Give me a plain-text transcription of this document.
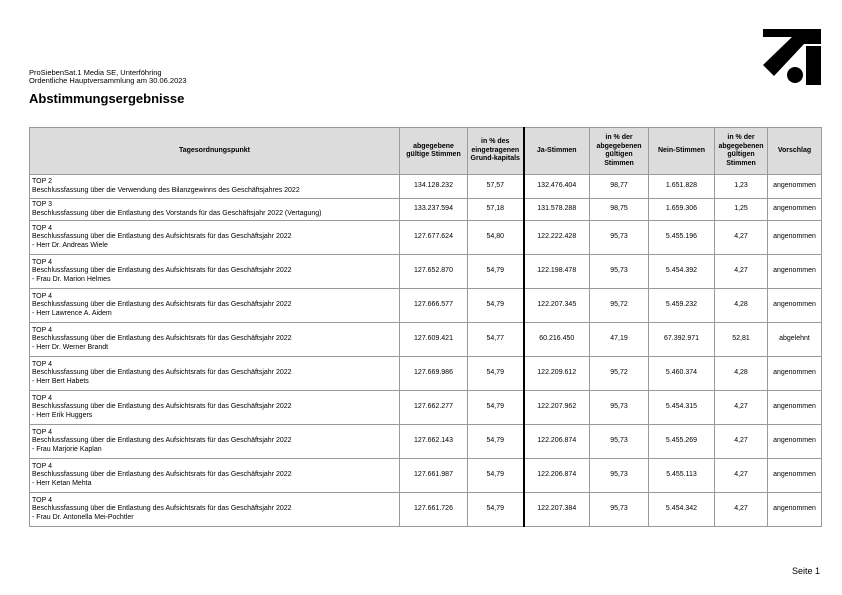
ProSiebenSat.1 Media SE, Unterföhring
Ordentliche Hauptversammlung am 30.06.2023
Abstimmungsergebnisse
Tagesordnungspunkt	abgegebene gültige Stimmen	in % des eingetragenen Grund-kapitals	Ja-Stimmen	in % der abgegebenen gültigen Stimmen	Nein-Stimmen	in % der abgegebenen gültigen Stimmen	Vorschlag

TOP 2
Beschlussfassung über die Verwendung des Bilanzgewinns des Geschäftsjahres 2022	134.128.232	57,57	132.476.404	98,77	1.651.828	1,23	angenommen

TOP 3
Beschlussfassung über die Entlastung des Vorstands für das Geschäftsjahr 2022 (Vertagung)	133.237.594	57,18	131.578.288	98,75	1.659.306	1,25	angenommen

TOP 4
Beschlussfassung über die Entlastung des Aufsichtsrats für das Geschäftsjahr 2022
- Herr Dr. Andreas Wiele	127.677.624	54,80	122.222.428	95,73	5.455.196	4,27	angenommen

TOP 4
Beschlussfassung über die Entlastung des Aufsichtsrats für das Geschäftsjahr 2022
- Frau Dr. Marion Helmes	127.652.870	54,79	122.198.478	95,73	5.454.392	4,27	angenommen

TOP 4
Beschlussfassung über die Entlastung des Aufsichtsrats für das Geschäftsjahr 2022
- Herr Lawrence A. Aidem	127.666.577	54,79	122.207.345	95,72	5.459.232	4,28	angenommen

TOP 4
Beschlussfassung über die Entlastung des Aufsichtsrats für das Geschäftsjahr 2022
- Herr Dr. Werner Brandt	127.609.421	54,77	60.216.450	47,19	67.392.971	52,81	abgelehnt

TOP 4
Beschlussfassung über die Entlastung des Aufsichtsrats für das Geschäftsjahr 2022
- Herr Bert Habets	127.669.986	54,79	122.209.612	95,72	5.460.374	4,28	angenommen

TOP 4
Beschlussfassung über die Entlastung des Aufsichtsrats für das Geschäftsjahr 2022
- Herr Erik Huggers	127.662.277	54,79	122.207.962	95,73	5.454.315	4,27	angenommen

TOP 4
Beschlussfassung über die Entlastung des Aufsichtsrats für das Geschäftsjahr 2022
- Frau Marjorie Kaplan	127.662.143	54,79	122.206.874	95,73	5.455.269	4,27	angenommen

TOP 4
Beschlussfassung über die Entlastung des Aufsichtsrats für das Geschäftsjahr 2022
- Herr Ketan Mehta	127.661.987	54,79	122.206.874	95,73	5.455.113	4,27	angenommen

TOP 4
Beschlussfassung über die Entlastung des Aufsichtsrats für das Geschäftsjahr 2022
- Frau Dr. Antonella Mei-Pochtler	127.661.726	54,79	122.207.384	95,73	5.454.342	4,27	angenommen
Seite 1
